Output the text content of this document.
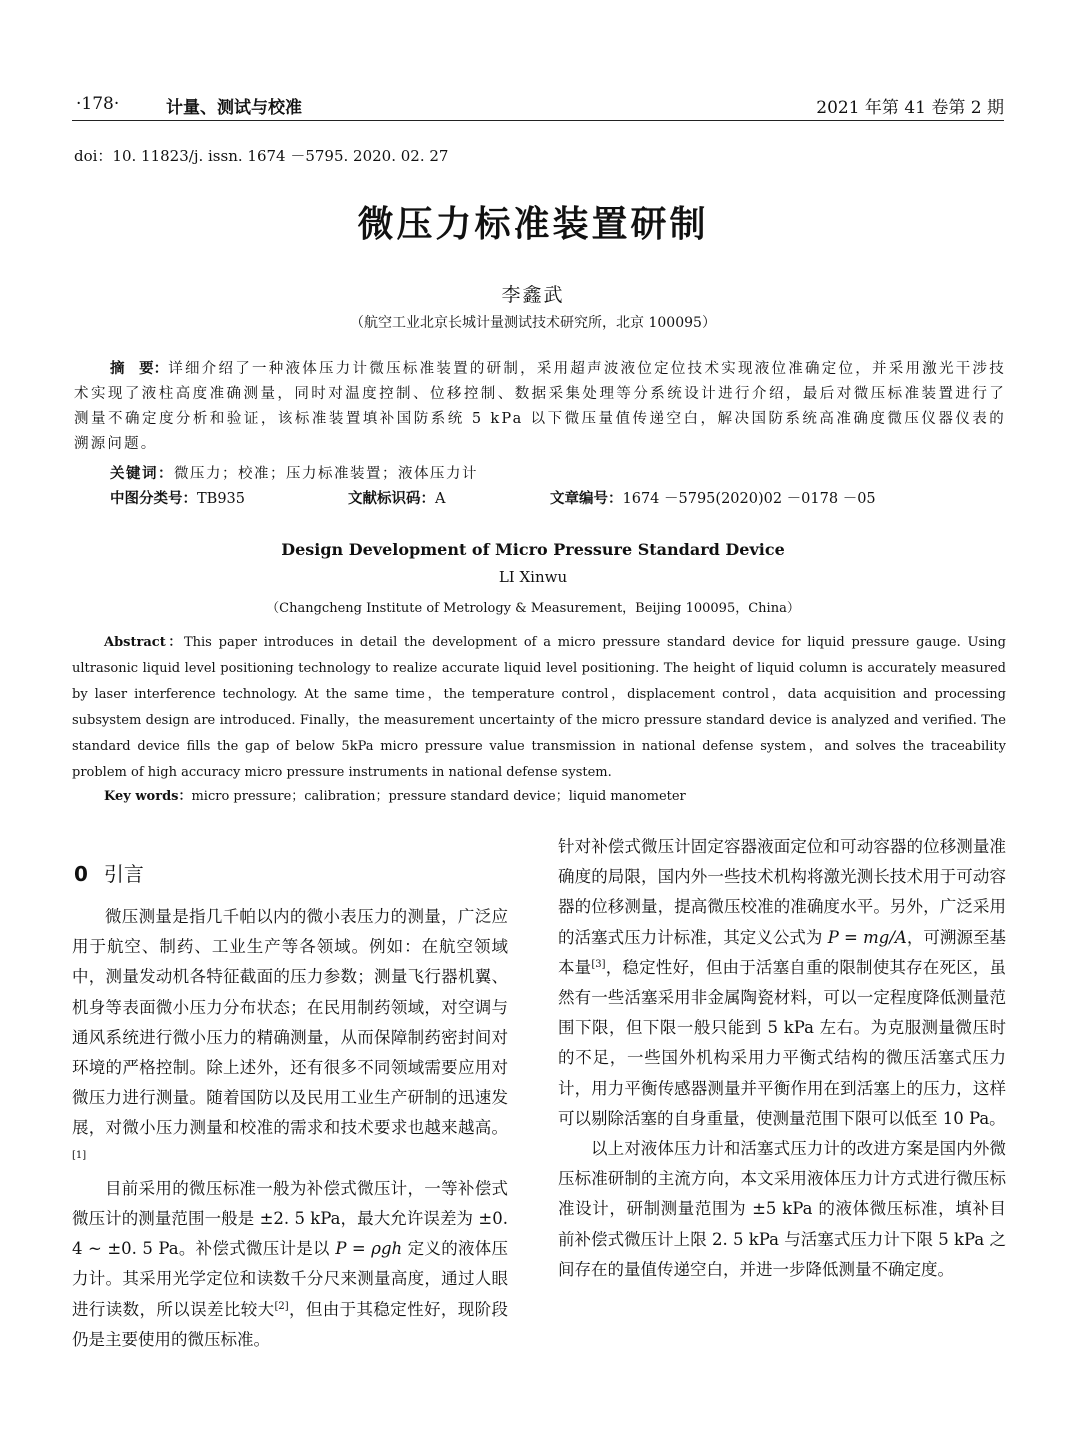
·178·	计量、测试与校准	2021 年第 41 卷第 2 期
doi：10. 11823/j. issn. 1674 －5795. 2020. 02. 27
微压力标准装置研制
李鑫武
（航空工业北京长城计量测试技术研究所，北京 100095）
摘　要：详细介绍了一种液体压力计微压标准装置的研制，采用超声波液位定位技术实现液位准确定位，并采用激光干涉技术实现了液柱高度准确测量，同时对温度控制、位移控制、数据采集处理等分系统设计进行介绍，最后对微压标准装置进行了测量不确定度分析和验证，该标准装置填补国防系统 5 kPa 以下微压量值传递空白，解决国防系统高准确度微压仪器仪表的溯源问题。
关键词：微压力；校准；压力标准装置；液体压力计
中图分类号：TB935	文献标识码：A	文章编号：1674 －5795(2020)02 －0178 －05
Design Development of Micro Pressure Standard Device
LI Xinwu
（Changcheng Institute of Metrology & Measurement，Beijing 100095，China）
Abstract：This paper introduces in detail the development of a micro pressure standard device for liquid pressure gauge. Using ultrasonic liquid level positioning technology to realize accurate liquid level positioning. The height of liquid column is accurately measured by laser interference technology. At the same time，the temperature control，displacement control，data acquisition and processing subsystem design are introduced. Finally，the measurement uncertainty of the micro pressure standard device is analyzed and verified. The standard device fills the gap of below 5kPa micro pressure value transmission in national defense system，and solves the traceability problem of high accuracy micro pressure instruments in national defense system.
Key words：micro pressure；calibration；pressure standard device；liquid manometer
0 引言

微压测量是指几千帕以内的微小表压力的测量，广泛应用于航空、制药、工业生产等各领域。例如：在航空领域中，测量发动机各特征截面的压力参数；测量飞行器机翼、机身等表面微小压力分布状态；在民用制药领域，对空调与通风系统进行微小压力的精确测量，从而保障制药密封间对环境的严格控制。除上述外，还有很多不同领域需要应用对微压力进行测量。随着国防以及民用工业生产研制的迅速发展，对微小压力测量和校准的需求和技术要求也越来越高。[1]

目前采用的微压标准一般为补偿式微压计，一等补偿式微压计的测量范围一般是 ±2. 5 kPa，最大允许误差为 ±0. 4 ~ ±0. 5 Pa。补偿式微压计是以 P = ρgh 定义的液体压力计。其采用光学定位和读数千分尺来测量高度，通过人眼进行读数，所以误差比较大[2]，但由于其稳定性好，现阶段仍是主要使用的微压标准。

针对补偿式微压计固定容器液面定位和可动容器的位移测量准确度的局限，国内外一些技术机构将激光测长技术用于可动容器的位移测量，提高微压校准的准确度水平。另外，广泛采用的活塞式压力计标准，其定义公式为 P = mg/A，可溯源至基本量[3]，稳定性好，但由于活塞自重的限制使其存在死区，虽然有一些活塞采用非金属陶瓷材料，可以一定程度降低测量范围下限，但下限一般只能到 5 kPa 左右。为克服测量微压时的不足，一些国外机构采用力平衡式结构的微压活塞式压力计，用力平衡传感器测量并平衡作用在到活塞上的压力，这样可以剔除活塞的自身重量，使测量范围下限可以低至 10 Pa。

以上对液体压力计和活塞式压力计的改进方案是国内外微压标准研制的主流方向，本文采用液体压力计方式进行微压标准设计，研制测量范围为 ±5 kPa 的液体微压标准，填补目前补偿式微压计上限 2. 5 kPa 与活塞式压力计下限 5 kPa 之间存在的量值传递空白，并进一步降低测量不确定度。
